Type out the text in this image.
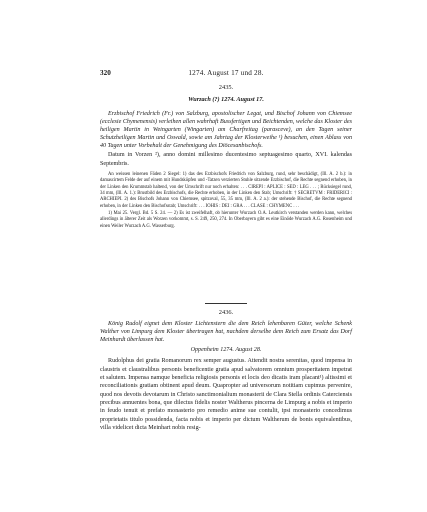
320	1274. August 17 und 28.
2435.
Wurzach (?) 1274. August 17.

Erzbischof Friedrich (Fr.) von Salzburg, apostolischer Legat, und Bischof Johann von Chiemsee (ecclesie Chymenensis) verleihen allen wahrhaft Bussfertigen und Beichtenden, welche das Kloster des heiligen Martin in Weingarten (Wingarten) am Charfreitag (parasceve), an den Tagen seiner Schutzheiligen Martin und Oswald, sowie am Jahrtag der Klosterweihe ¹) besuchen, einen Ablass von 40 Tagen unter Vorbehalt der Genehmigung des Diöcesanbischofs.

Datum in Vorzen ²), anno domini millesimo ducentesimo septuagesimo quarto, XVI. kalendas Septembris.

An weissen leinenen Fäden 2 Siegel: 1) das des Erzbischofs Friedrich von Salzburg, rund, sehr beschädigt, (Ill. A. 2 b.): in damascirtem Felde der auf einem mit Hundsköpfen und -Tatzen verzierten Stuhle sitzende Erzbischof, die Rechte segnend erhoben, in der Linken den Krummstab haltend, von der Umschrift nur noch erhalten: . . . CIREPI : APLICE : SED : LEG . . . ; Rücksiegel rund, 34 mm, (Ill. A. 1.): Brustbild des Erzbischofs, die Rechte erhoben, in der Linken den Stab; Umschrift: † SECRETVM : FRIDERICI : ARCHIEPI. 2) des Bischofs Johann von Chiemsee, spitzoval, 55, 35 mm, (Ill. A. 2 a.): der stehende Bischof, die Rechte segnend erhoben, in der Linken den Bischofsstab; Umschrift: . . . IOHIS : DEI : GRA . . . CLASE : CHYMENC . . .

1) Mai 25. Vergl. Bd. 5 S. 24. — 2) Es ist zweifelhaft, ob hierunter Wurzach O.A. Leutkirch verstanden werden kann, welches allerdings in älterer Zeit als Worzen vorkommt, s. S. 249, 250, 274. In Oberbayern gibt es eine Einöde Wurzach A.G. Rosenheim und einen Weiler Wurzach A.G. Wasserburg.

2436.

König Rudolf eignet dem Kloster Lichtenstern die dem Reich lehenbaren Güter, welche Schenk Walther von Limpurg dem Kloster übertragen hat, nachdem derselbe dem Reich zum Ersatz das Dorf Meinhardt überlassen hat.

Oppenheim 1274. August 28.

Rudolphus dei gratia Romanorum rex semper augustus. Attendit nostra serenitas, quod impensa in claustris et claustralibus personis beneficentie gratia apud salvatorem omnium prosperitatem impetrat et salutem. Impensa namque beneficia religiosis personis et locis deo dicatis iram placant¹) altissimi et reconciliationis gratiam obtinent apud deum. Quapropter ad universorum notitiam cupimus pervenire, quod nos devotis devotarum in Christo sanctimonialium monasterii de Clara Stella ordinis Caterciensis precibus annuentes bona, que dilectus fidelis noster Waltherus pincerna de Limpurg a nobis et imperio in feudo tenuit et prefato monasterio pro remedio anime sue contulit, ipsi monasterio concedimus proprietatis titulo possidenda, facta nobis et imperio per dictum Waltherum de bonis equivalentibus, villa videlicet dicta Meinhart nobis resig-
